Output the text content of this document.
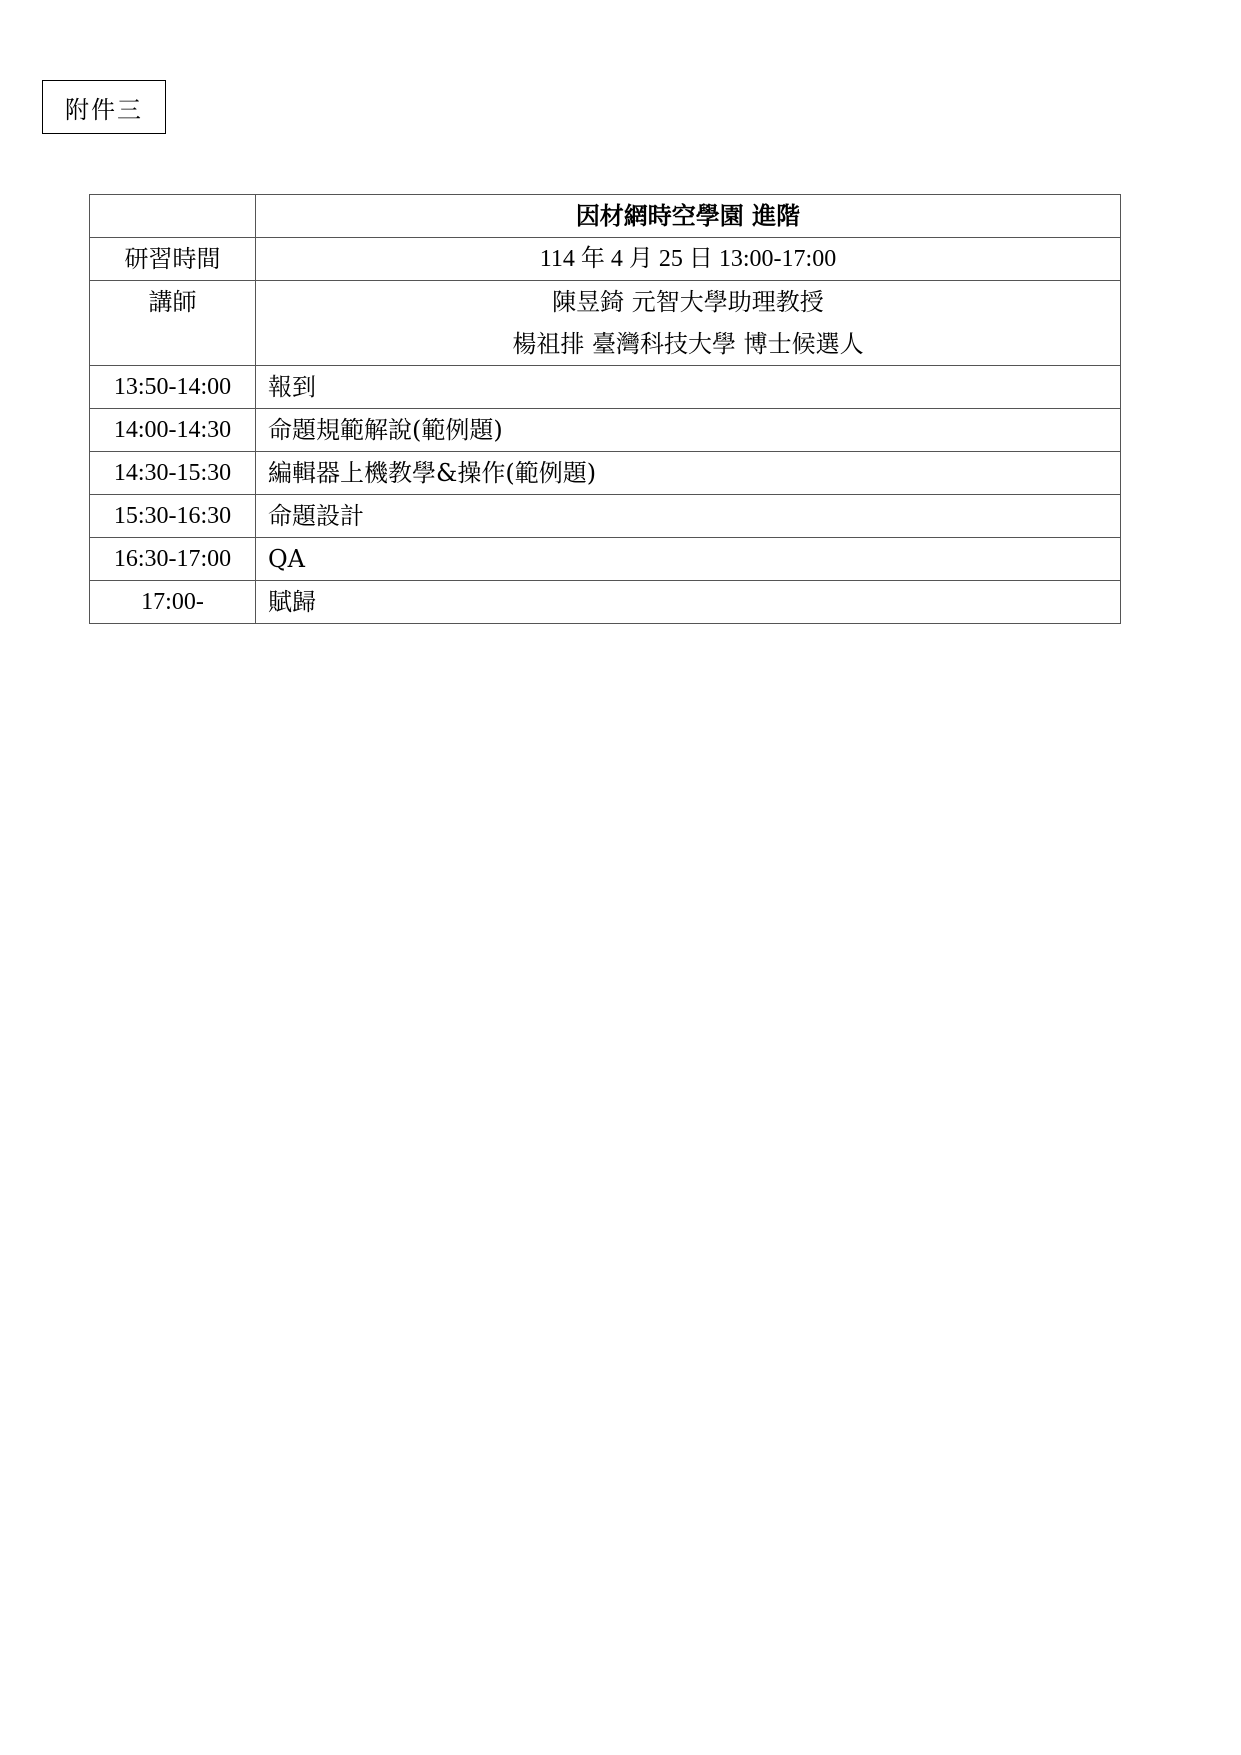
附件三
	因材網時空學園 進階
研習時間	114 年 4 月 25 日 13:00-17:00
講師	陳昱錡 元智大學助理教授
楊祖排 臺灣科技大學 博士候選人

13:50-14:00	報到
14:00-14:30	命題規範解說(範例題)
14:30-15:30	編輯器上機教學&操作(範例題)
15:30-16:30	命題設計
16:30-17:00	QA
17:00-	賦歸
